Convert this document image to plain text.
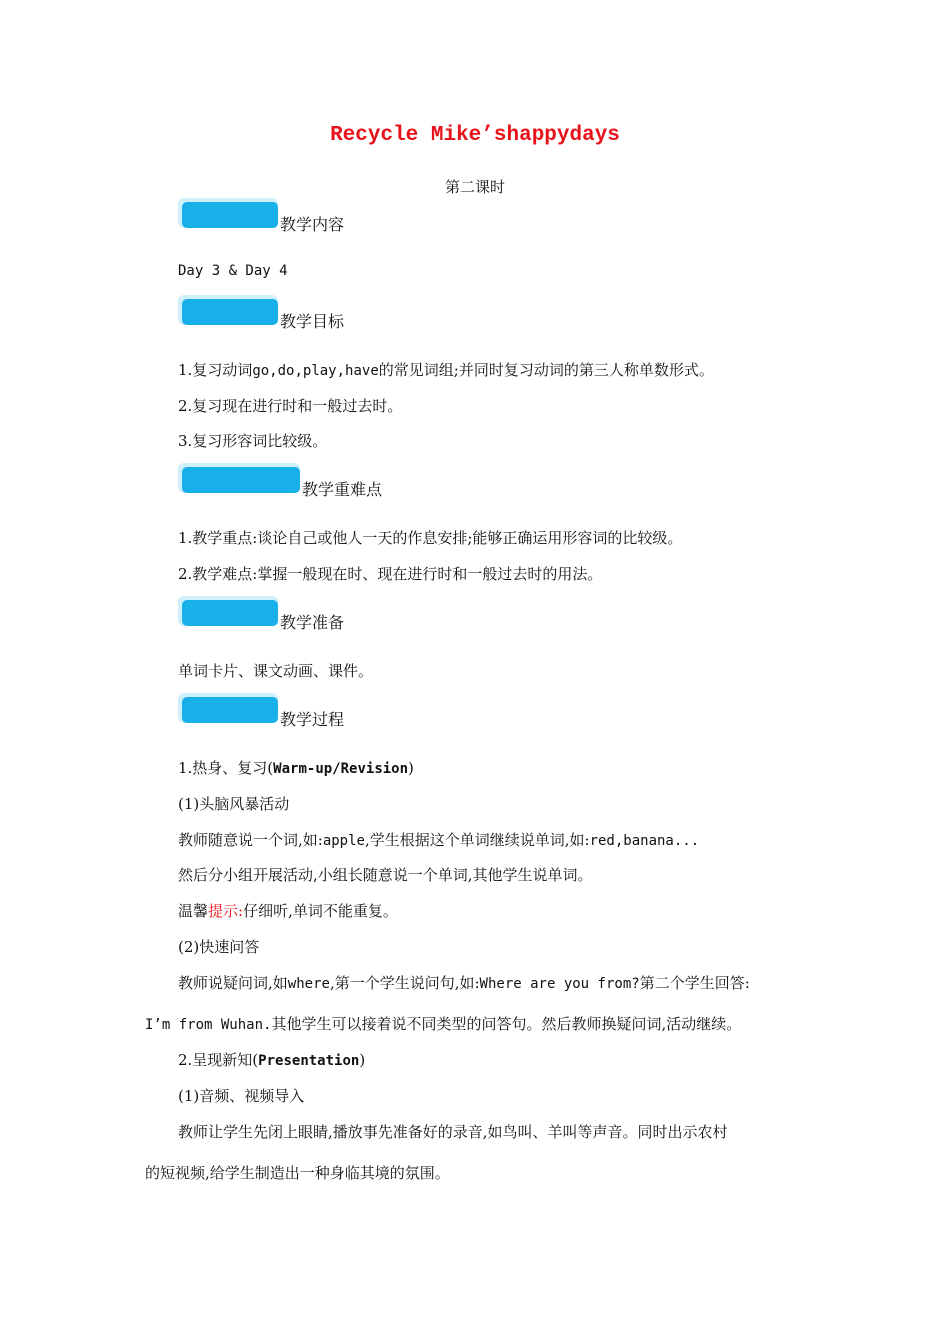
Recycle Mike’shappydays
第二课时
教学内容
Day 3 & Day 4
教学目标
1.复习动词go,do,play,have的常见词组;并同时复习动词的第三人称单数形式。
2.复习现在进行时和一般过去时。
3.复习形容词比较级。
教学重难点
1.教学重点:谈论自己或他人一天的作息安排;能够正确运用形容词的比较级。
2.教学难点:掌握一般现在时、现在进行时和一般过去时的用法。
教学准备
单词卡片、课文动画、课件。
教学过程
1.热身、复习(Warm-up/Revision)
(1)头脑风暴活动
教师随意说一个词,如:apple,学生根据这个单词继续说单词,如:red,banana...
然后分小组开展活动,小组长随意说一个单词,其他学生说单词。
温馨提示:仔细听,单词不能重复。
(2)快速问答
教师说疑问词,如where,第一个学生说问句,如:Where are you from?第二个学生回答:
I’m from Wuhan.其他学生可以接着说不同类型的问答句。然后教师换疑问词,活动继续。
2.呈现新知(Presentation)
(1)音频、视频导入
教师让学生先闭上眼睛,播放事先准备好的录音,如鸟叫、羊叫等声音。同时出示农村
的短视频,给学生制造出一种身临其境的氛围。
